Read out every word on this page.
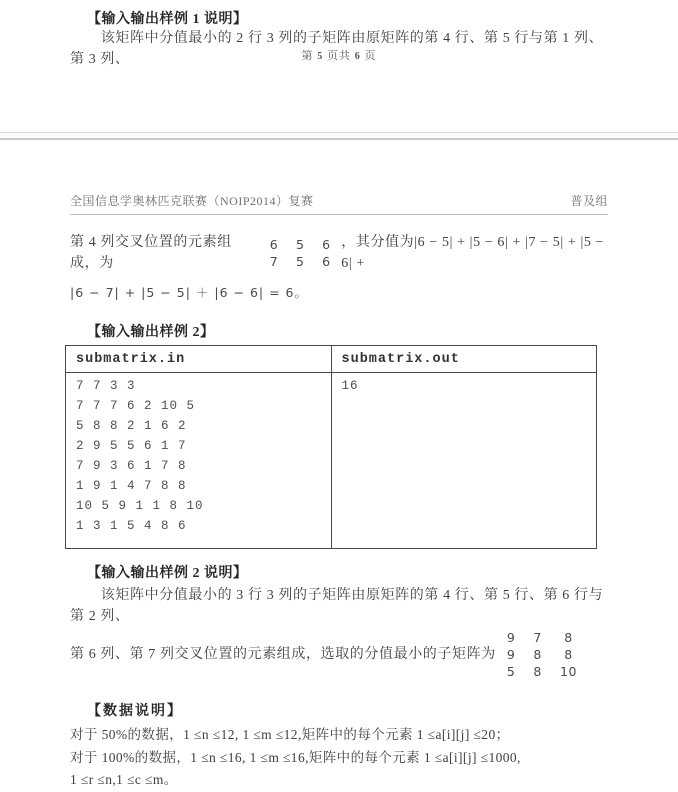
【输入输出样例 1 说明】
该矩阵中分值最小的 2 行 3 列的子矩阵由原矩阵的第 4 行、第 5 行与第 1 列、第 3 列、	第 5 页共 6 页
全国信息学奥林匹克联赛（NOIP2014）复赛	普及组
第 4 列交叉位置的元素组成，为
6	5	6
7	5	6
，其分值为|6 − 5| + |5 − 6| + |7 − 5| + |5 − 6| +
|6 − 7| + |5 − 5| ＋ |6 − 6| = 6。
【输入输出样例 2】
submatrix.in	submatrix.out

7 7 3 3
7 7 7 6 2 10 5
5 8 8 2 1 6 2
2 9 5 5 6 1 7
7 9 3 6 1 7 8
1 9 1 4 7 8 8
10 5 9 1 1 8 10
1 3 1 5 4 8 6

16
【输入输出样例 2 说明】
该矩阵中分值最小的 3 行 3 列的子矩阵由原矩阵的第 4 行、第 5 行、第 6 行与第 2 列、
第 6 列、第 7 列交叉位置的元素组成，选取的分值最小的子矩阵为
9	7	8
9	8	8
5	8	10
【数据说明】
对于 50%的数据，1 ≤n ≤12, 1 ≤m ≤12,矩阵中的每个元素 1 ≤a[i][j] ≤20；
对于 100%的数据，1 ≤n ≤16, 1 ≤m ≤16,矩阵中的每个元素 1 ≤a[i][j] ≤1000,
1 ≤r ≤n,1 ≤c ≤m。
